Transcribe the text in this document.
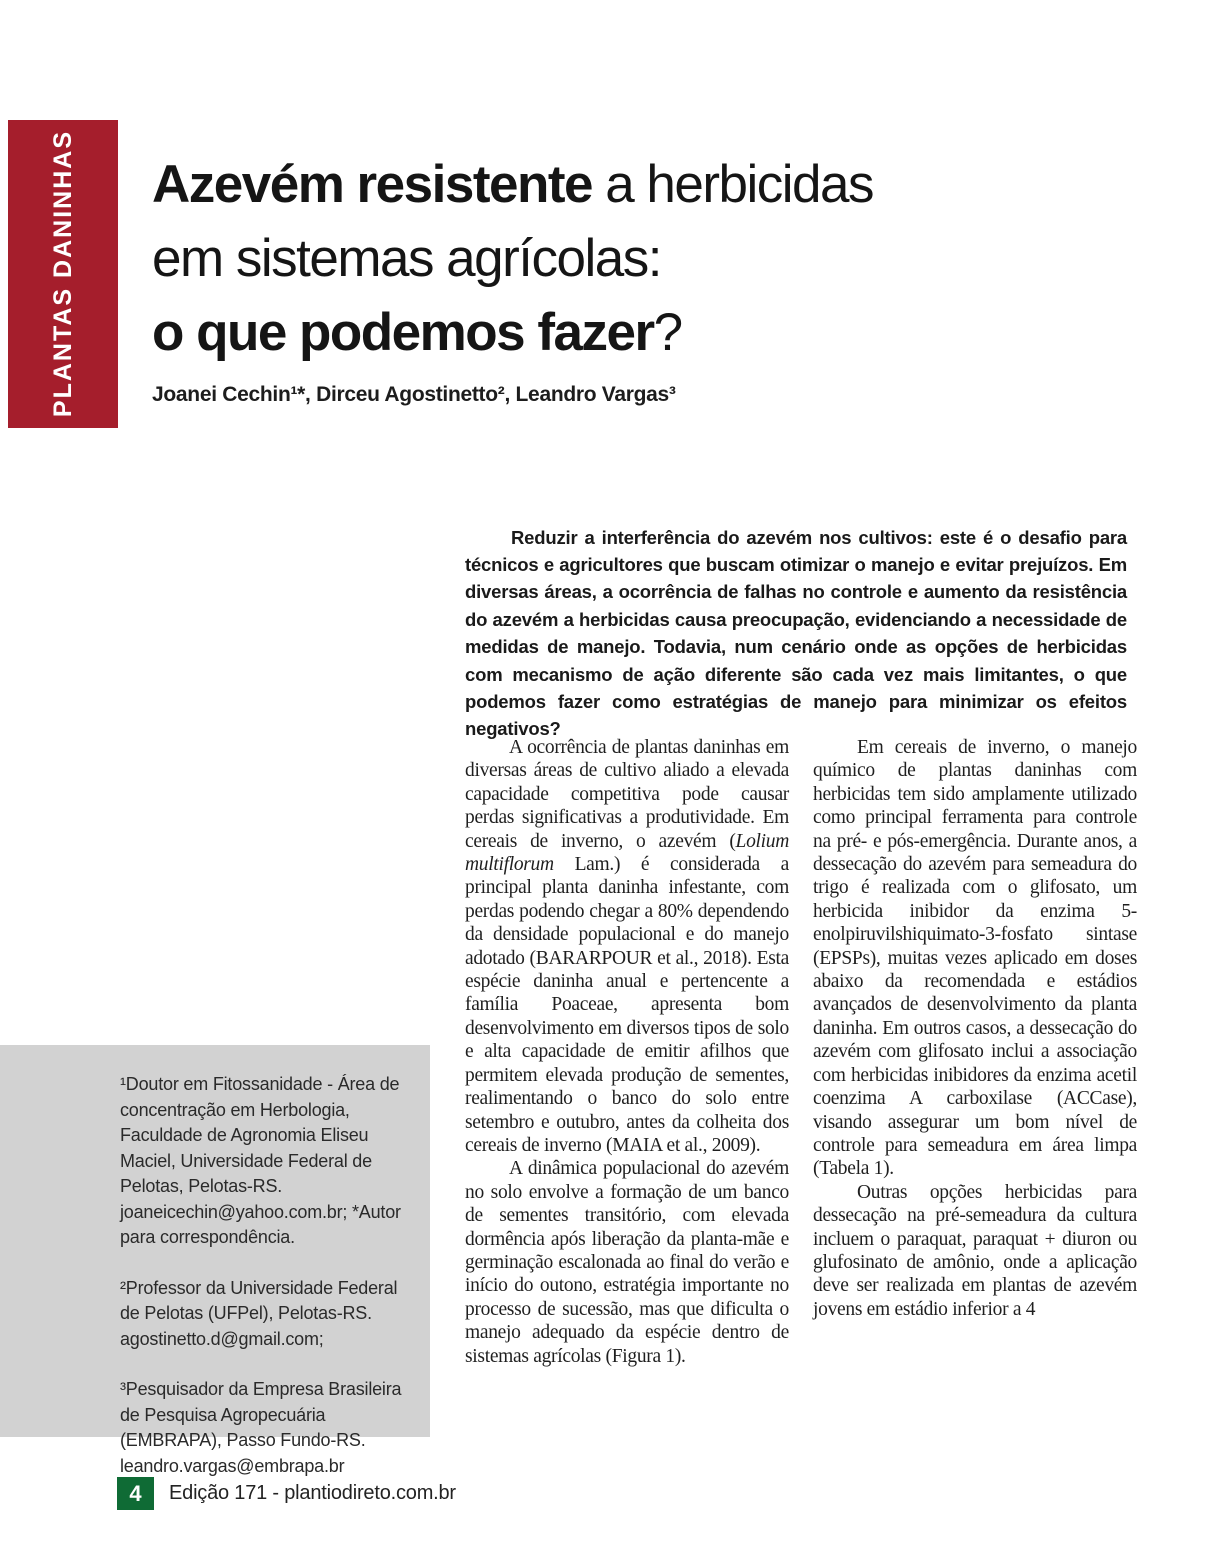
PLANTAS DANINHAS Azevém resistente a herbicidas
em sistemas agrícolas:
o que podemos fazer?
Joanei Cechin¹*, Dirceu Agostinetto², Leandro Vargas³

Reduzir a interferência do azevém nos cultivos: este é o desafio para técnicos e agricultores que buscam otimizar o manejo e evitar prejuízos. Em diversas áreas, a ocorrência de falhas no controle e aumento da resistência do azevém a herbicidas causa preocupação, evidenciando a necessidade de medidas de manejo. Todavia, num cenário onde as opções de herbicidas com mecanismo de ação diferente são cada vez mais limitantes, o que podemos fazer como estratégias de manejo para minimizar os efeitos negativos?

A ocorrência de plantas daninhas em diversas áreas de cultivo aliado a elevada capacidade competitiva pode causar perdas significativas a produtividade. Em cereais de inverno, o azevém (Lolium multiflorum Lam.) é considerada a principal planta daninha infestante, com perdas podendo chegar a 80% dependendo da densidade populacional e do manejo adotado (BARARPOUR et al., 2018). Esta espécie daninha anual e pertencente a família Poaceae, apresenta bom desenvolvimento em diversos tipos de solo e alta capacidade de emitir afilhos que permitem elevada produção de sementes, realimentando o banco do solo entre setembro e outubro, antes da colheita dos cereais de inverno (MAIA et al., 2009).

A dinâmica populacional do azevém no solo envolve a formação de um banco de sementes transitório, com elevada dormência após liberação da planta-mãe e germinação escalonada ao final do verão e início do outono, estratégia importante no processo de sucessão, mas que dificulta o manejo adequado da espécie dentro de sistemas agrícolas (Figura 1).

Em cereais de inverno, o manejo químico de plantas daninhas com herbicidas tem sido amplamente utilizado como principal ferramenta para controle na pré- e pós-emergência. Durante anos, a dessecação do azevém para semeadura do trigo é realizada com o glifosato, um herbicida inibidor da enzima 5-enolpiruvilshiquimato-3-fosfato sintase (EPSPs), muitas vezes aplicado em doses abaixo da recomendada e estádios avançados de desenvolvimento da planta daninha. Em outros casos, a dessecação do azevém com glifosato inclui a associação com herbicidas inibidores da enzima acetil coenzima A carboxilase (ACCase), visando assegurar um bom nível de controle para semeadura em área limpa (Tabela 1).

Outras opções herbicidas para dessecação na pré-semeadura da cultura incluem o paraquat, paraquat + diuron ou glufosinato de amônio, onde a aplicação deve ser realizada em plantas de azevém jovens em estádio inferior a 4

¹Doutor em Fitossanidade - Área de concentração em Herbologia, Faculdade de Agronomia Eliseu Maciel, Universidade Federal de Pelotas, Pelotas-RS. joaneicechin@yahoo.com.br; *Autor para correspondência.

²Professor da Universidade Federal de Pelotas (UFPel), Pelotas-RS. agostinetto.d@gmail.com;

³Pesquisador da Empresa Brasileira de Pesquisa Agropecuária (EMBRAPA), Passo Fundo-RS. leandro.vargas@embrapa.br

4	Edição 171 - plantiodireto.com.br
